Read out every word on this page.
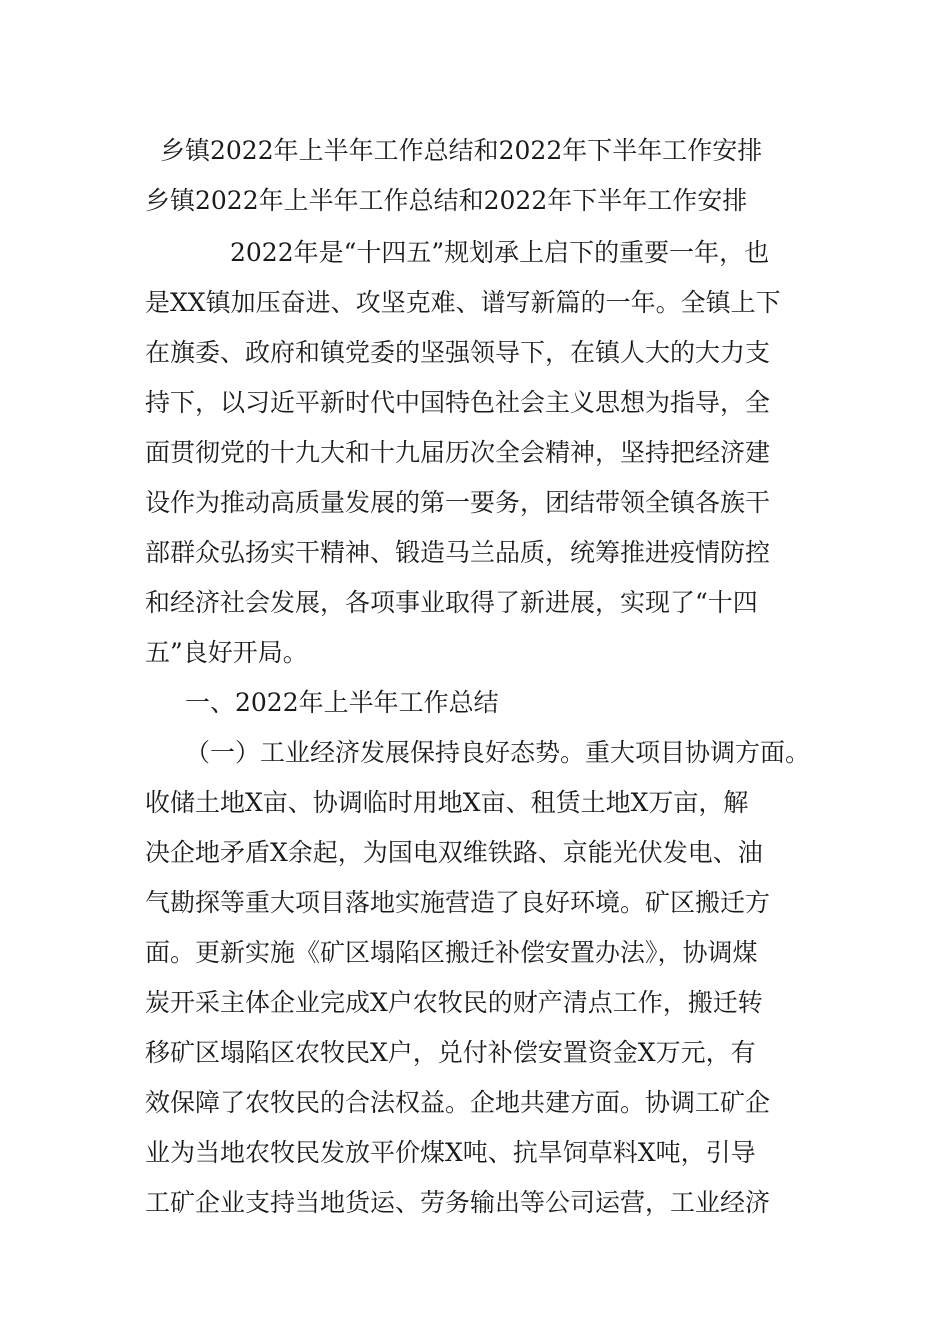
乡镇2022年上半年工作总结和2022年下半年工作安排
乡镇2022年上半年工作总结和2022年下半年工作安排
2022年是“十四五”规划承上启下的重要一年，也
是XX镇加压奋进、攻坚克难、谱写新篇的一年。全镇上下
在旗委、政府和镇党委的坚强领导下，在镇人大的大力支
持下，以习近平新时代中国特色社会主义思想为指导，全
面贯彻党的十九大和十九届历次全会精神，坚持把经济建
设作为推动高质量发展的第一要务，团结带领全镇各族干
部群众弘扬实干精神、锻造马兰品质，统筹推进疫情防控
和经济社会发展，各项事业取得了新进展，实现了“十四
五”良好开局。
一、2022年上半年工作总结
（一）工业经济发展保持良好态势。重大项目协调方面。
收储土地X亩、协调临时用地X亩、租赁土地X万亩，解
决企地矛盾X余起，为国电双维铁路、京能光伏发电、油
气勘探等重大项目落地实施营造了良好环境。矿区搬迁方
面。更新实施《矿区塌陷区搬迁补偿安置办法》，协调煤
炭开采主体企业完成X户农牧民的财产清点工作，搬迁转
移矿区塌陷区农牧民X户，兑付补偿安置资金X万元，有
效保障了农牧民的合法权益。企地共建方面。协调工矿企
业为当地农牧民发放平价煤X吨、抗旱饲草料X吨，引导
工矿企业支持当地货运、劳务输出等公司运营，工业经济
